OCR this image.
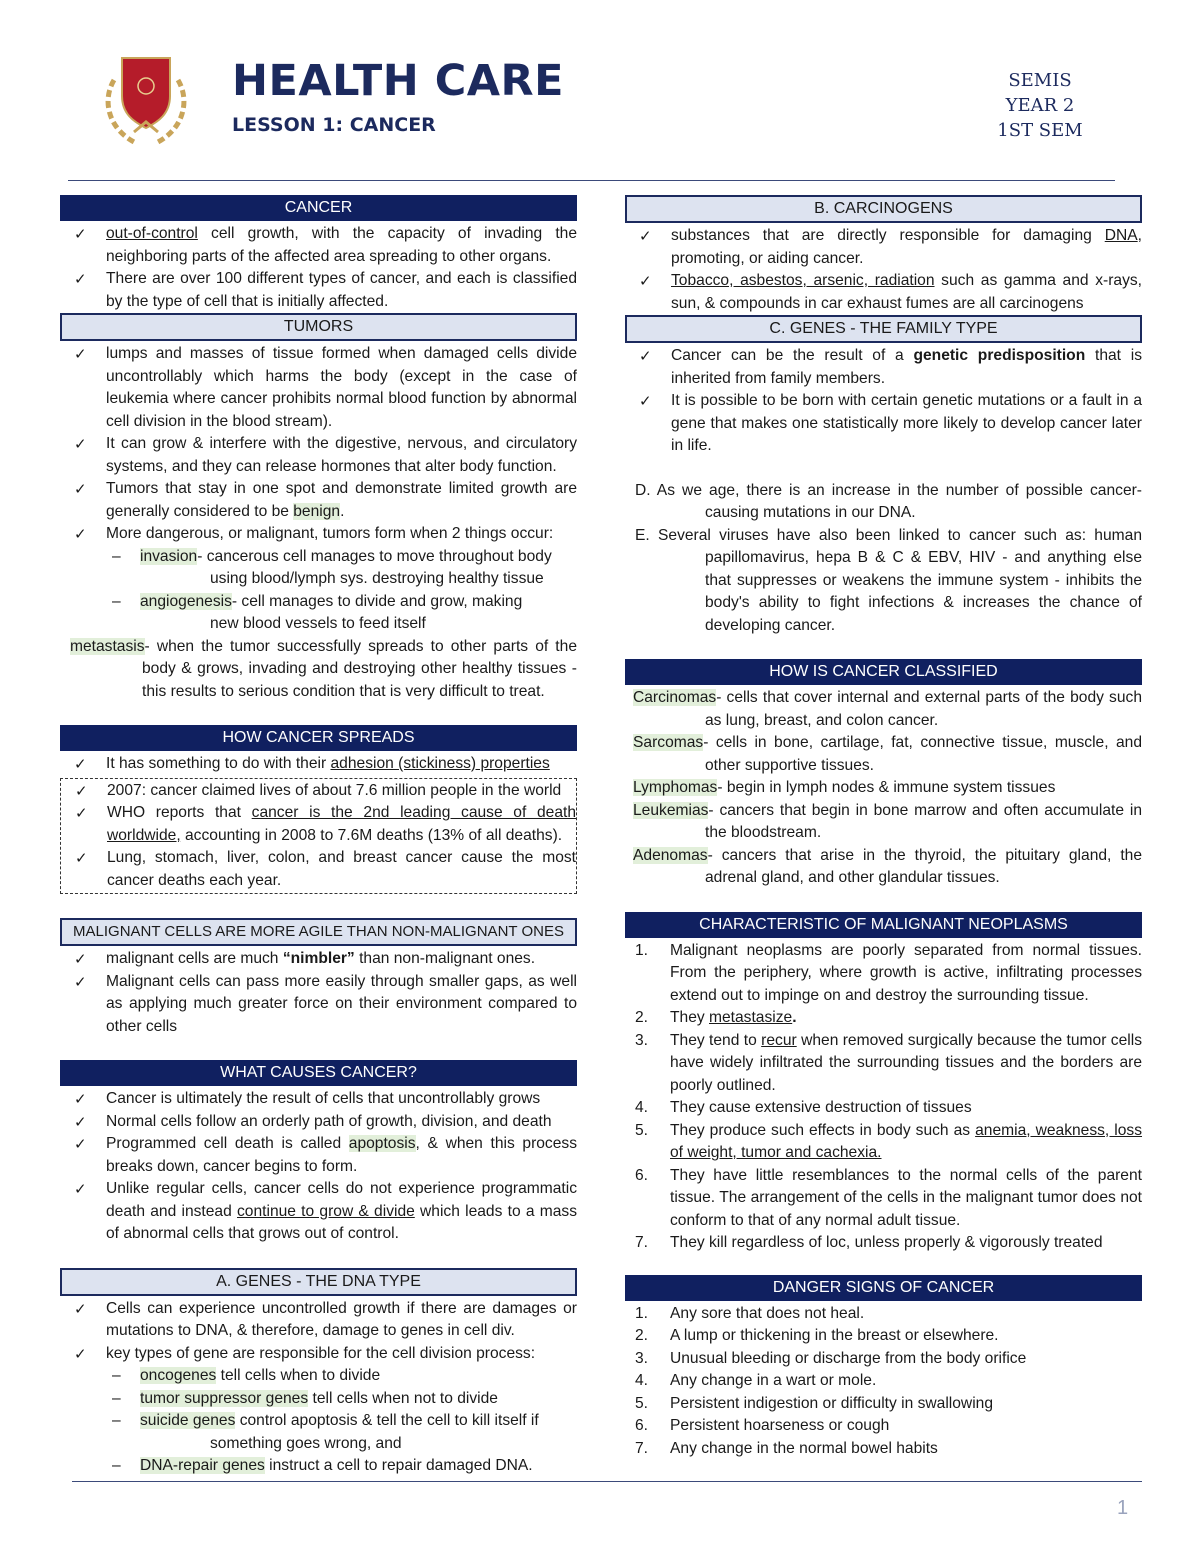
HEALTH CARE
LESSON 1: CANCER
SEMIS
YEAR 2
1ST SEM
CANCER
✓ out-of-control cell growth, with the capacity of invading the neighboring parts of the affected area spreading to other organs.
✓ There are over 100 different types of cancer, and each is classified by the type of cell that is initially affected.
TUMORS
✓ lumps and masses of tissue formed when damaged cells divide uncontrollably which harms the body (except in the case of leukemia where cancer prohibits normal blood function by abnormal cell division in the blood stream).
✓ It can grow & interfere with the digestive, nervous, and circulatory systems, and they can release hormones that alter body function.
✓ Tumors that stay in one spot and demonstrate limited growth are generally considered to be benign.
✓ More dangerous, or malignant, tumors form when 2 things occur:
– invasion- cancerous cell manages to move throughout body
using blood/lymph sys. destroying healthy tissue
– angiogenesis- cell manages to divide and grow, making
new blood vessels to feed itself
metastasis- when the tumor successfully spreads to other parts of the body & grows, invading and destroying other healthy tissues - this results to serious condition that is very difficult to treat.
HOW CANCER SPREADS
✓ It has something to do with their adhesion (stickiness) properties
✓ 2007: cancer claimed lives of about 7.6 million people in the world
✓ WHO reports that cancer is the 2nd leading cause of death worldwide, accounting in 2008 to 7.6M deaths (13% of all deaths).
✓ Lung, stomach, liver, colon, and breast cancer cause the most cancer deaths each year.
MALIGNANT CELLS ARE MORE AGILE THAN NON-MALIGNANT ONES
✓ malignant cells are much “nimbler” than non-malignant ones.
✓ Malignant cells can pass more easily through smaller gaps, as well as applying much greater force on their environment compared to other cells
WHAT CAUSES CANCER?
✓ Cancer is ultimately the result of cells that uncontrollably grows
✓ Normal cells follow an orderly path of growth, division, and death
✓ Programmed cell death is called apoptosis, & when this process breaks down, cancer begins to form.
✓ Unlike regular cells, cancer cells do not experience programmatic death and instead continue to grow & divide which leads to a mass of abnormal cells that grows out of control.
A. GENES - THE DNA TYPE
✓ Cells can experience uncontrolled growth if there are damages or mutations to DNA, & therefore, damage to genes in cell div.
✓ key types of gene are responsible for the cell division process:
– oncogenes tell cells when to divide
– tumor suppressor genes tell cells when not to divide
– suicide genes control apoptosis & tell the cell to kill itself if
something goes wrong, and
– DNA-repair genes instruct a cell to repair damaged DNA.
B. CARCINOGENS
✓ substances that are directly responsible for damaging DNA, promoting, or aiding cancer.
✓ Tobacco, asbestos, arsenic, radiation such as gamma and x-rays, sun, & compounds in car exhaust fumes are all carcinogens
C. GENES - THE FAMILY TYPE
✓ Cancer can be the result of a genetic predisposition that is inherited from family members.
✓ It is possible to be born with certain genetic mutations or a fault in a gene that makes one statistically more likely to develop cancer later in life.
D. As we age, there is an increase in the number of possible cancer-causing mutations in our DNA.
E. Several viruses have also been linked to cancer such as: human papillomavirus, hepa B & C & EBV, HIV - and anything else that suppresses or weakens the immune system - inhibits the body's ability to fight infections & increases the chance of developing cancer.
HOW IS CANCER CLASSIFIED
Carcinomas- cells that cover internal and external parts of the body such as lung, breast, and colon cancer.
Sarcomas- cells in bone, cartilage, fat, connective tissue, muscle, and other supportive tissues.
Lymphomas- begin in lymph nodes & immune system tissues
Leukemias- cancers that begin in bone marrow and often accumulate in the bloodstream.
Adenomas- cancers that arise in the thyroid, the pituitary gland, the adrenal gland, and other glandular tissues.
CHARACTERISTIC OF MALIGNANT NEOPLASMS
1. Malignant neoplasms are poorly separated from normal tissues. From the periphery, where growth is active, infiltrating processes extend out to impinge on and destroy the surrounding tissue.
2. They metastasize.
3. They tend to recur when removed surgically because the tumor cells have widely infiltrated the surrounding tissues and the borders are poorly outlined.
4. They cause extensive destruction of tissues
5. They produce such effects in body such as anemia, weakness, loss of weight, tumor and cachexia.
6. They have little resemblances to the normal cells of the parent tissue. The arrangement of the cells in the malignant tumor does not conform to that of any normal adult tissue.
7. They kill regardless of loc, unless properly & vigorously treated
DANGER SIGNS OF CANCER
1. Any sore that does not heal.
2. A lump or thickening in the breast or elsewhere.
3. Unusual bleeding or discharge from the body orifice
4. Any change in a wart or mole.
5. Persistent indigestion or difficulty in swallowing
6. Persistent hoarseness or cough
7. Any change in the normal bowel habits
1
